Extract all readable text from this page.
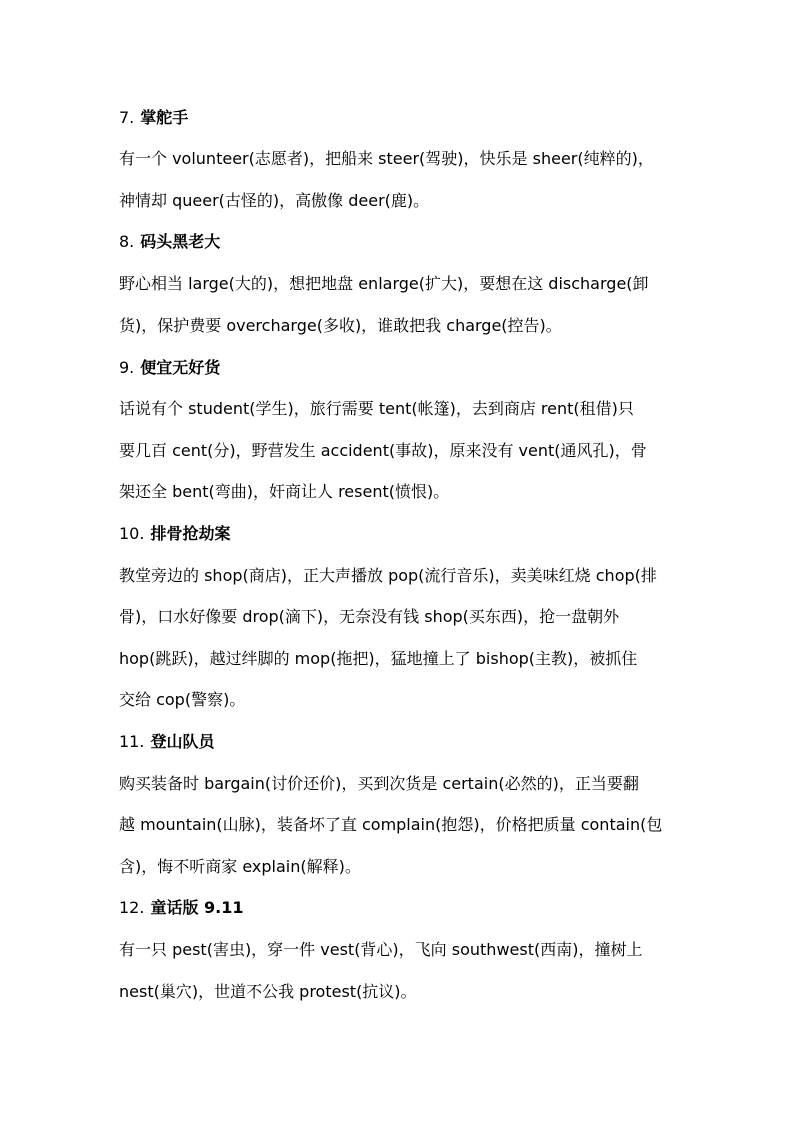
7. 掌舵手
有一个 volunteer(志愿者)，把船来 steer(驾驶)，快乐是 sheer(纯粹的)，
神情却 queer(古怪的)，高傲像 deer(鹿)。
8. 码头黑老大
野心相当 large(大的)，想把地盘 enlarge(扩大)，要想在这 discharge(卸
货)，保护费要 overcharge(多收)，谁敢把我 charge(控告)。
9. 便宜无好货
话说有个 student(学生)，旅行需要 tent(帐篷)，去到商店 rent(租借)只
要几百 cent(分)，野营发生 accident(事故)，原来没有 vent(通风孔)，骨
架还全 bent(弯曲)，奸商让人 resent(愤恨)。
10. 排骨抢劫案
教堂旁边的 shop(商店)，正大声播放 pop(流行音乐)，卖美味红烧 chop(排
骨)，口水好像要 drop(滴下)，无奈没有钱 shop(买东西)，抢一盘朝外
hop(跳跃)，越过绊脚的 mop(拖把)，猛地撞上了 bishop(主教)，被抓住
交给 cop(警察)。
11. 登山队员
购买装备时 bargain(讨价还价)，买到次货是 certain(必然的)，正当要翻
越 mountain(山脉)，装备坏了直 complain(抱怨)，价格把质量 contain(包
含)，悔不听商家 explain(解释)。
12. 童话版 9.11
有一只 pest(害虫)，穿一件 vest(背心)，飞向 southwest(西南)，撞树上
nest(巢穴)，世道不公我 protest(抗议)。
